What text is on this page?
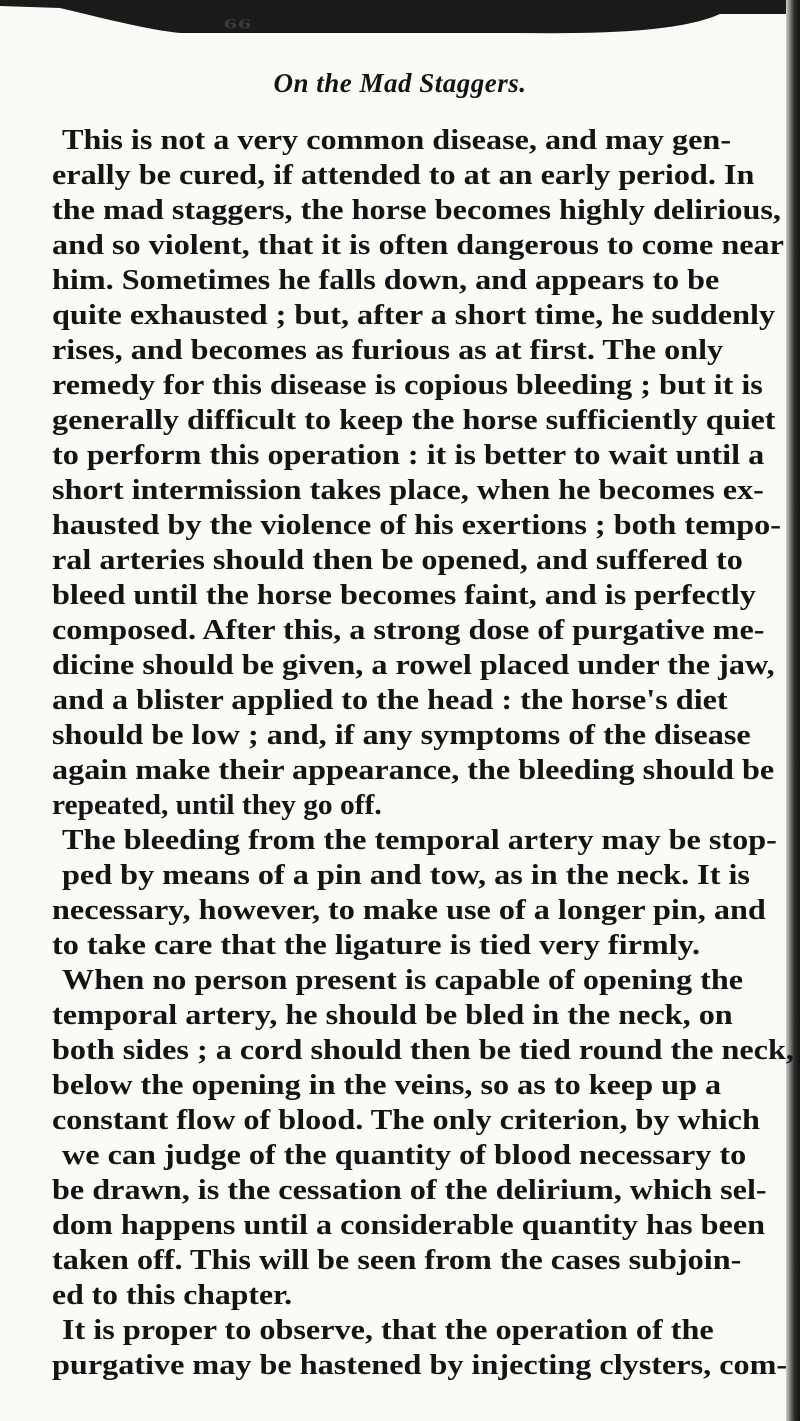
66
On the Mad Staggers.
This is not a very common disease, and may gen-
erally be cured, if attended to at an early period. In
the mad staggers, the horse becomes highly delirious,
and so violent, that it is often dangerous to come near
him. Sometimes he falls down, and appears to be
quite exhausted ; but, after a short time, he suddenly
rises, and becomes as furious as at first. The only
remedy for this disease is copious bleeding ; but it is
generally difficult to keep the horse sufficiently quiet
to perform this operation : it is better to wait until a
short intermission takes place, when he becomes ex-
hausted by the violence of his exertions ; both tempo-
ral arteries should then be opened, and suffered to
bleed until the horse becomes faint, and is perfectly
composed. After this, a strong dose of purgative me-
dicine should be given, a rowel placed under the jaw,
and a blister applied to the head : the horse's diet
should be low ; and, if any symptoms of the disease
again make their appearance, the bleeding should be
repeated, until they go off.
The bleeding from the temporal artery may be stop-
ped by means of a pin and tow, as in the neck. It is
necessary, however, to make use of a longer pin, and
to take care that the ligature is tied very firmly.
When no person present is capable of opening the
temporal artery, he should be bled in the neck, on
both sides ; a cord should then be tied round the neck,
below the opening in the veins, so as to keep up a
constant flow of blood. The only criterion, by which
we can judge of the quantity of blood necessary to
be drawn, is the cessation of the delirium, which sel-
dom happens until a considerable quantity has been
taken off. This will be seen from the cases subjoin-
ed to this chapter.
It is proper to observe, that the operation of the
purgative may be hastened by injecting clysters, com-
